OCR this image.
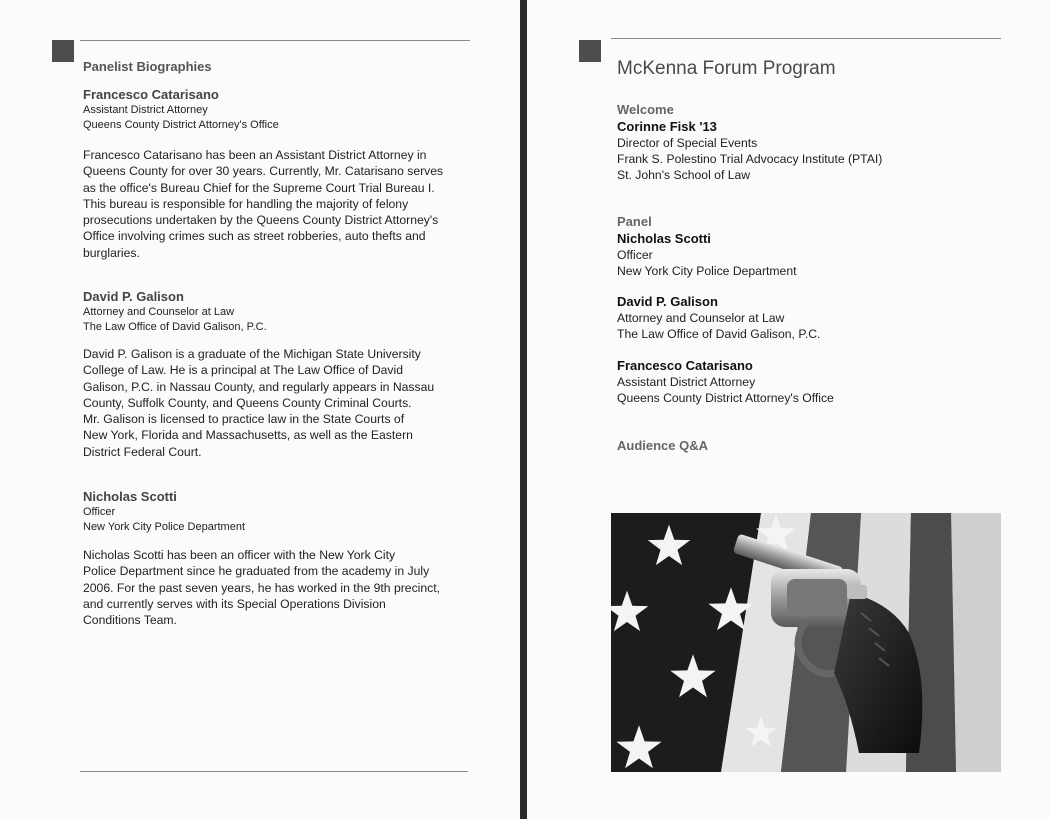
Panelist Biographies
Francesco Catarisano
Assistant District Attorney
Queens County District Attorney's Office
Francesco Catarisano has been an Assistant District Attorney in
Queens County for over 30 years. Currently, Mr. Catarisano serves
as the office's Bureau Chief for the Supreme Court Trial Bureau I.
This bureau is responsible for handling the majority of felony
prosecutions undertaken by the Queens County District Attorney's
Office involving crimes such as street robberies, auto thefts and
burglaries.
David P. Galison
Attorney and Counselor at Law
The Law Office of David Galison, P.C.
David P. Galison is a graduate of the Michigan State University
College of Law. He is a principal at The Law Office of David
Galison, P.C. in Nassau County, and regularly appears in Nassau
County, Suffolk County, and Queens County Criminal Courts.
Mr. Galison is licensed to practice law in the State Courts of
New York, Florida and Massachusetts, as well as the Eastern
District Federal Court.
Nicholas Scotti
Officer
New York City Police Department
Nicholas Scotti has been an officer with the New York City
Police Department since he graduated from the academy in July
2006. For the past seven years, he has worked in the 9th precinct,
and currently serves with its Special Operations Division
Conditions Team.
McKenna Forum Program
Welcome
Corinne Fisk '13
Director of Special Events
Frank S. Polestino Trial Advocacy Institute (PTAI)
St. John's School of Law
Panel
Nicholas Scotti
Officer
New York City Police Department
David P. Galison
Attorney and Counselor at Law
The Law Office of David Galison, P.C.
Francesco Catarisano
Assistant District Attorney
Queens County District Attorney's Office
Audience Q&A
